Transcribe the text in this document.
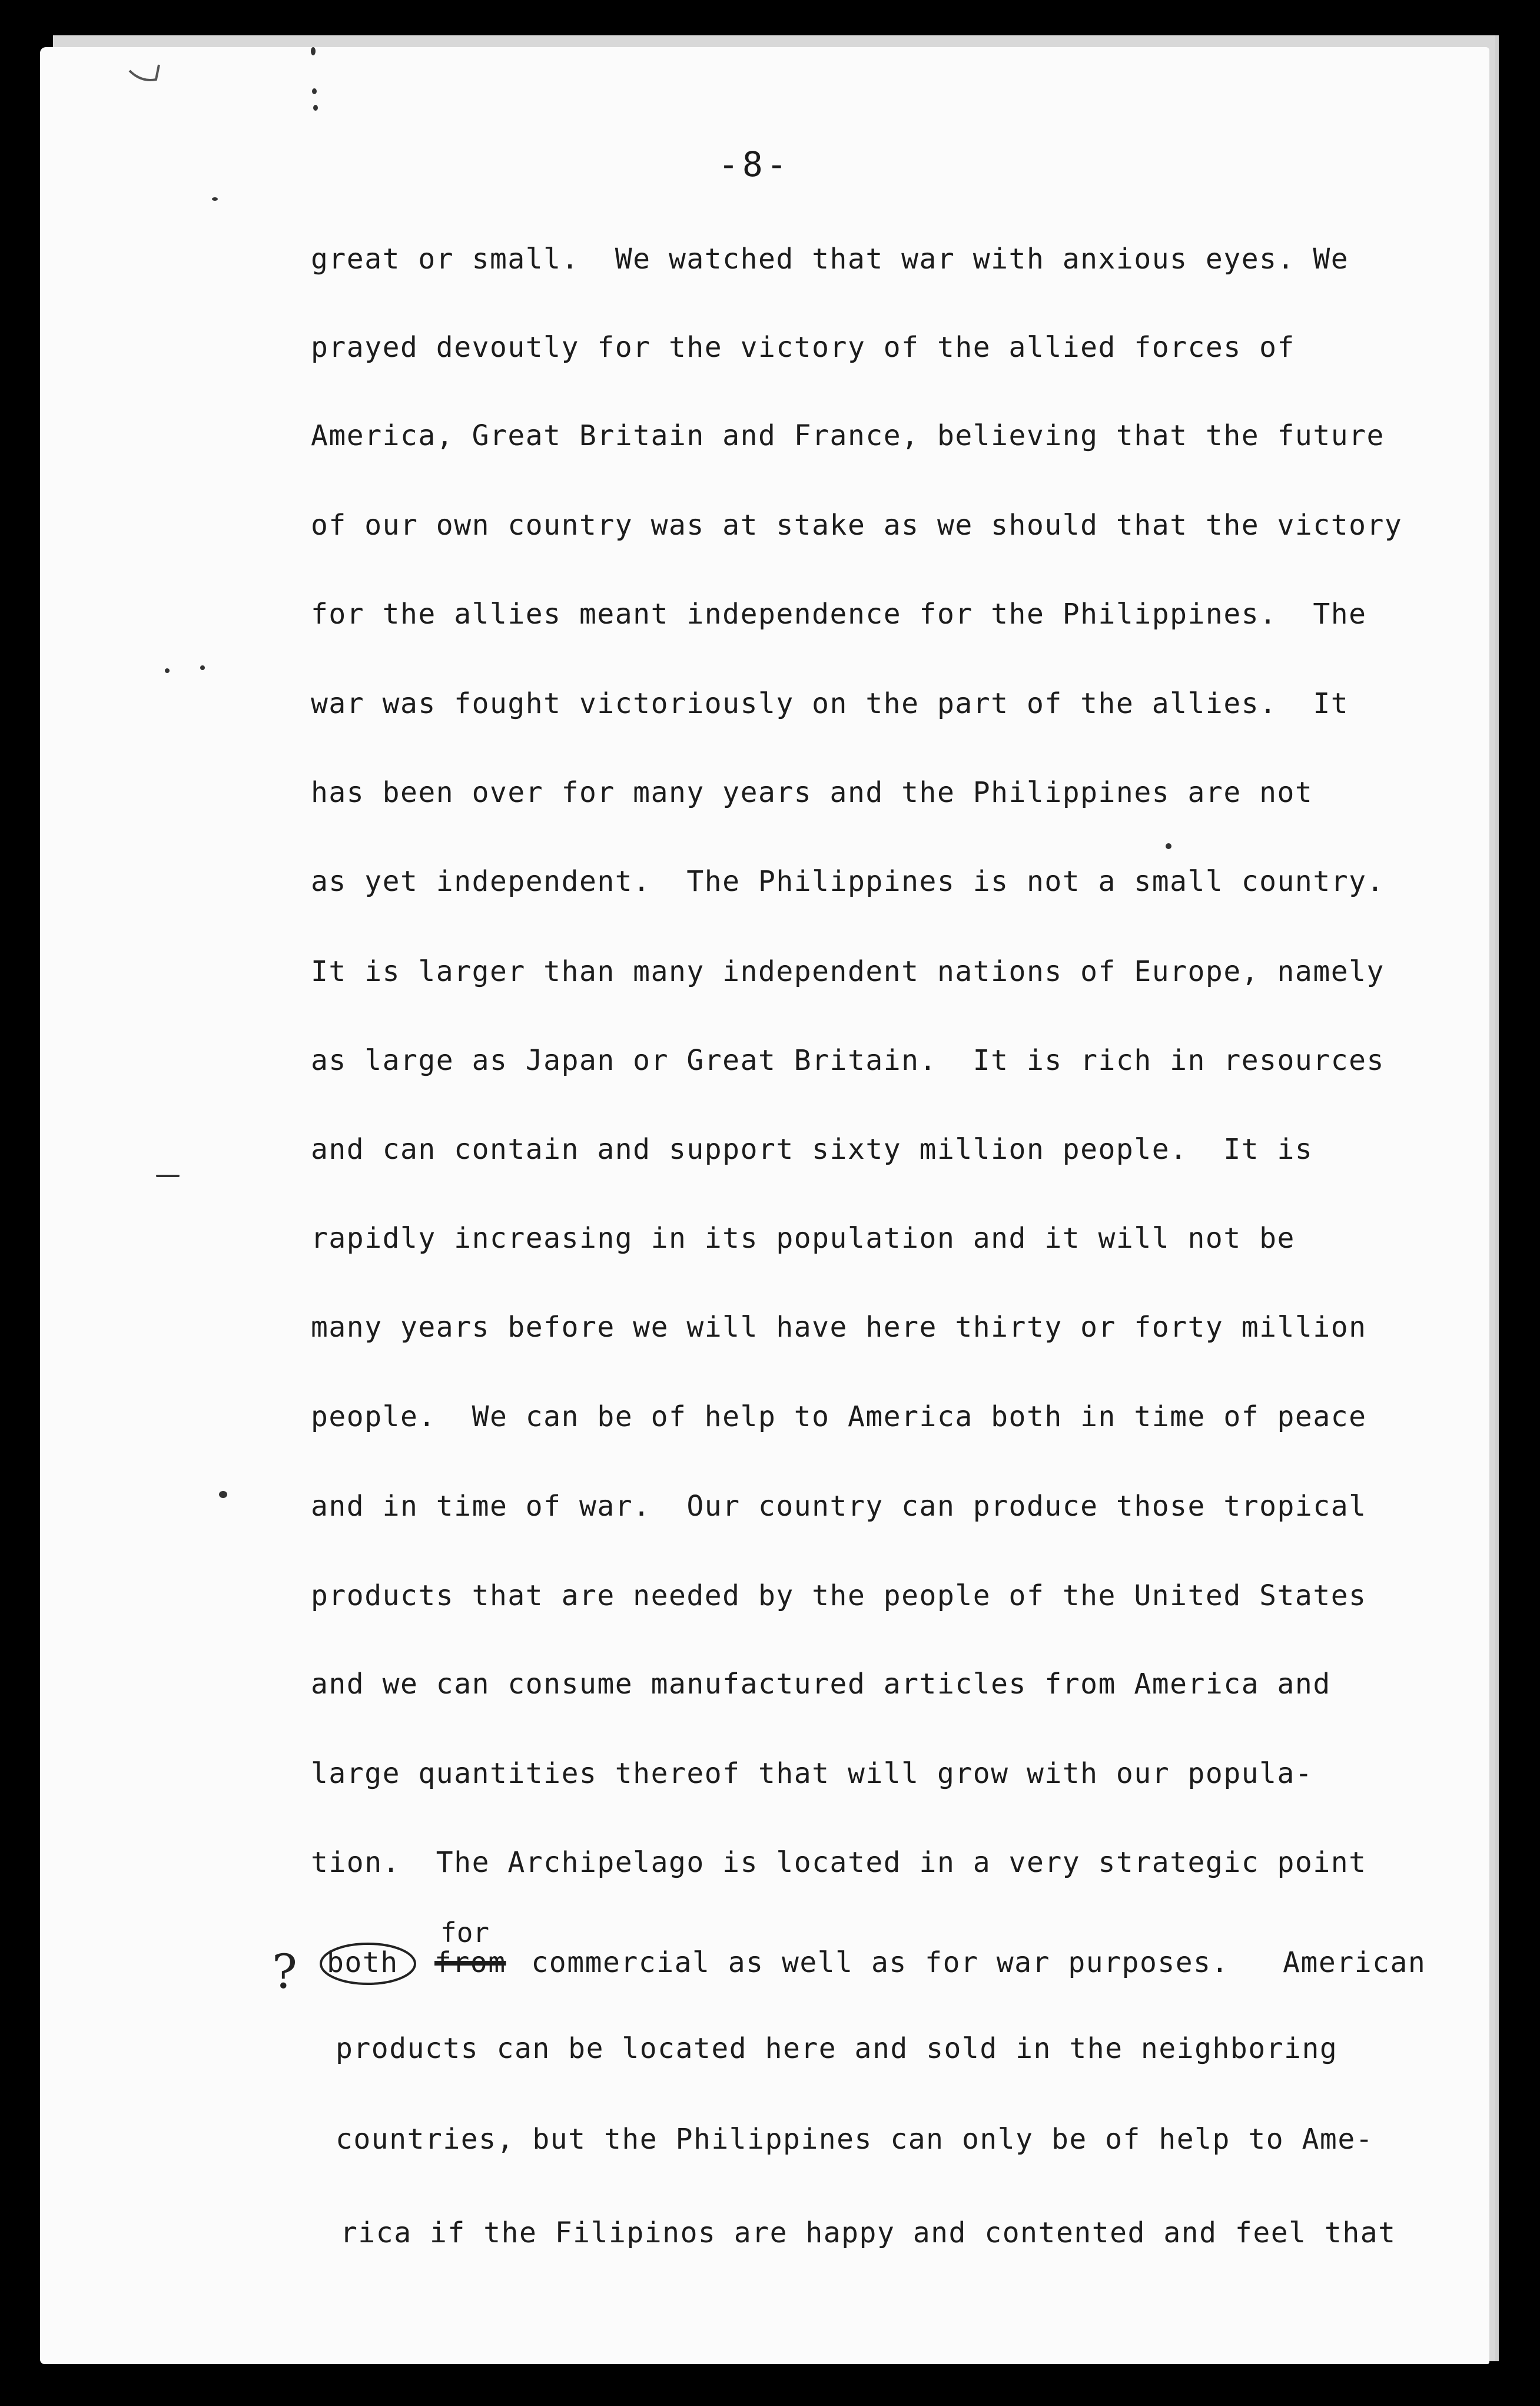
-8-
great or small.  We watched that war with anxious eyes. We
prayed devoutly for the victory of the allied forces of
America, Great Britain and France, believing that the future
of our own country was at stake as we should that the victory
for the allies meant independence for the Philippines.  The
war was fought victoriously on the part of the allies.  It
has been over for many years and the Philippines are not
as yet independent.  The Philippines is not a small country.
It is larger than many independent nations of Europe, namely
as large as Japan or Great Britain.  It is rich in resources
and can contain and support sixty million people.  It is
rapidly increasing in its population and it will not be
many years before we will have here thirty or forty million
people.  We can be of help to America both in time of peace
and in time of war.  Our country can produce those tropical
products that are needed by the people of the United States
and we can consume manufactured articles from America and
large quantities thereof that will grow with our popula-
tion.  The Archipelago is located in a very strategic point
?
for
both from commercial as well as for war purposes.   American
products can be located here and sold in the neighboring
countries, but the Philippines can only be of help to Ame-
rica if the Filipinos are happy and contented and feel that
